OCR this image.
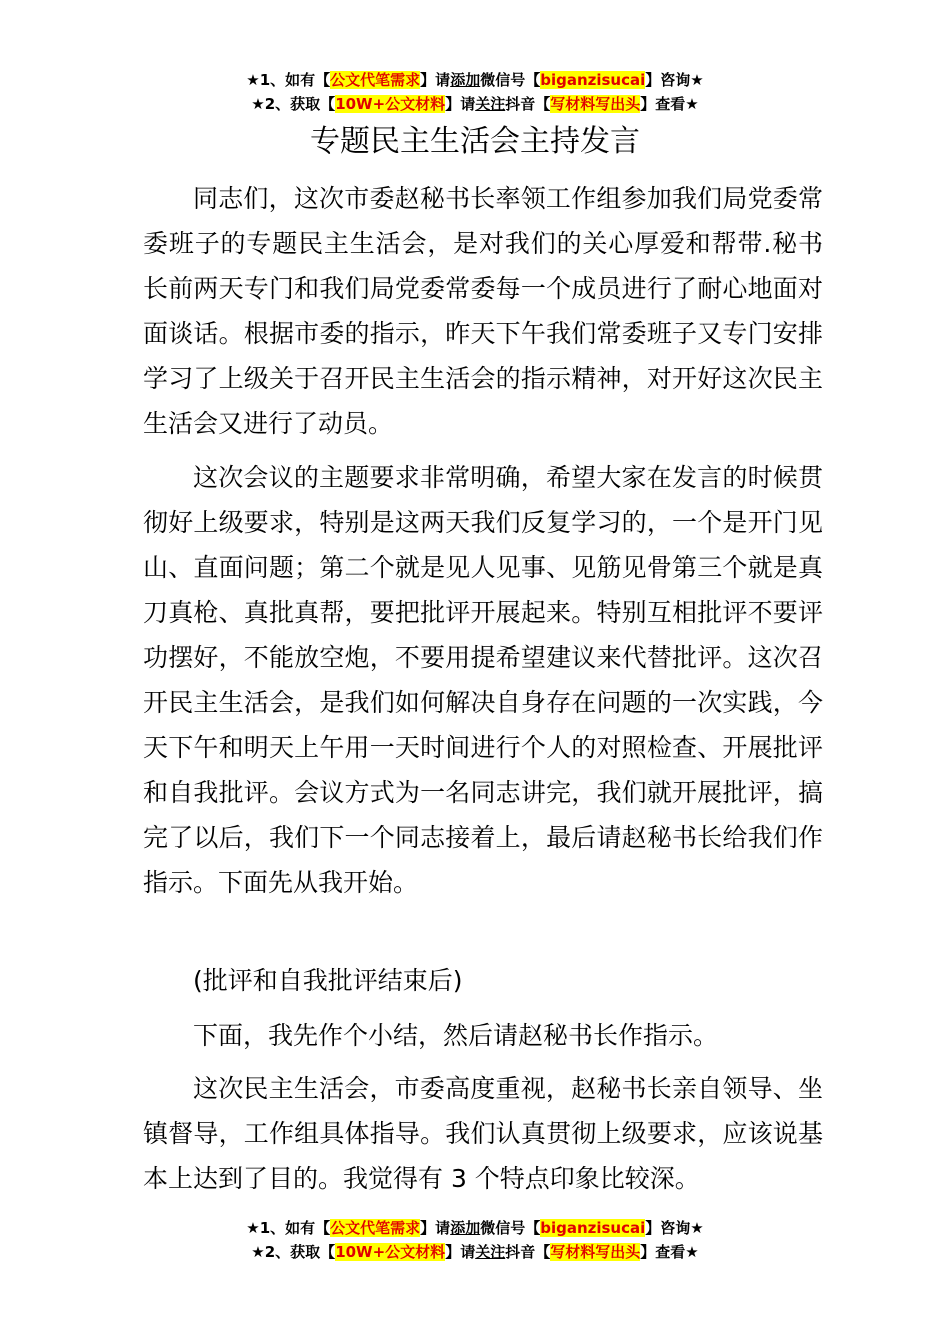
★1、如有【公文代笔需求】请添加微信号【biganzisucai】咨询★
★2、获取【10W+公文材料】请关注抖音【写材料写出头】查看★
专题民主生活会主持发言

同志们，这次市委赵秘书长率领工作组参加我们局党委常委班子的专题民主生活会，是对我们的关心厚爱和帮带.秘书长前两天专门和我们局党委常委每一个成员进行了耐心地面对面谈话。根据市委的指示，昨天下午我们常委班子又专门安排学习了上级关于召开民主生活会的指示精神，对开好这次民主生活会又进行了动员。

这次会议的主题要求非常明确，希望大家在发言的时候贯彻好上级要求，特别是这两天我们反复学习的，一个是开门见山、直面问题；第二个就是见人见事、见筋见骨第三个就是真刀真枪、真批真帮，要把批评开展起来。特别互相批评不要评功摆好，不能放空炮，不要用提希望建议来代替批评。这次召开民主生活会，是我们如何解决自身存在问题的一次实践，今天下午和明天上午用一天时间进行个人的对照检查、开展批评和自我批评。会议方式为一名同志讲完，我们就开展批评，搞完了以后，我们下一个同志接着上，最后请赵秘书长给我们作指示。下面先从我开始。

(批评和自我批评结束后)

下面，我先作个小结，然后请赵秘书长作指示。

这次民主生活会，市委高度重视，赵秘书长亲自领导、坐镇督导，工作组具体指导。我们认真贯彻上级要求，应该说基本上达到了目的。我觉得有 3 个特点印象比较深。

★1、如有【公文代笔需求】请添加微信号【biganzisucai】咨询★
★2、获取【10W+公文材料】请关注抖音【写材料写出头】查看★
